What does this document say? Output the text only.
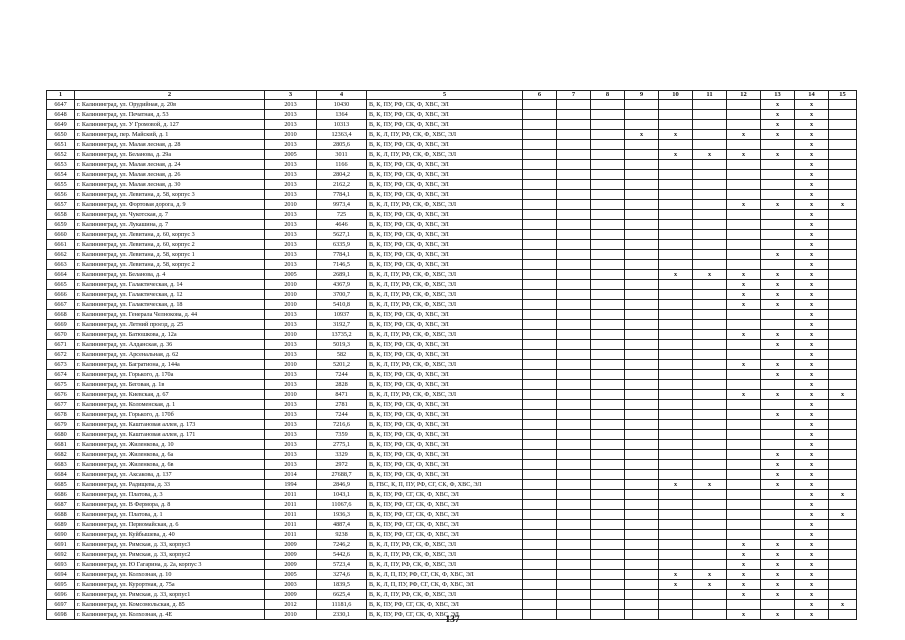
1	2	3	4	5	6	7	8	9	10	11	12	13	14	15
6647	г. Калининград, ул. Орудийная, д. 20в	2013	10430	В, К, ПУ, РФ, СК, Ф, ХВС, ЭЛ								x	x	
6648	г. Калининград, ул. Печатная, д. 53	2013	1364	В, К, ПУ, РФ, СК, Ф, ХВС, ЭЛ								x	x	
6649	г. Калининград, ул. У Громовой, д. 127	2013	10313	В, К, ПУ, РФ, СК, Ф, ХВС, ЭЛ								x	x	
6650	г. Калининград, пер. Майский, д. 1	2010	12363,4	В, К, Л, ПУ, РФ, СК, Ф, ХВС, ЭЛ				x	x		x	x	x	
6651	г. Калининград, ул. Малая лесная, д. 28	2013	2805,6	В, К, ПУ, РФ, СК, Ф, ХВС, ЭЛ									x	
6652	г. Калининград, ул. Беланова, д. 29а	2005	3011	В, К, Л, ПУ, РФ, СК, Ф, ХВС, ЭЛ					x	x	x	x	x	
6653	г. Калининград, ул. Малая лесная, д. 24	2013	1166	В, К, ПУ, РФ, СК, Ф, ХВС, ЭЛ									x	
6654	г. Калининград, ул. Малая лесная, д. 26	2013	2804,2	В, К, ПУ, РФ, СК, Ф, ХВС, ЭЛ									x	
6655	г. Калининград, ул. Малая лесная, д. 30	2013	2162,2	В, К, ПУ, РФ, СК, Ф, ХВС, ЭЛ									x	
6656	г. Калининград, ул. Левитана, д. 58, корпус 3	2013	7784,1	В, К, ПУ, РФ, СК, Ф, ХВС, ЭЛ									x	
6657	г. Калининград, ул. Фортовая дорога, д. 9	2010	9973,4	В, К, Л, ПУ, РФ, СК, Ф, ХВС, ЭЛ							x	x	x	x
6658	г. Калининград, ул. Чукотская, д. 7	2013	725	В, К, ПУ, РФ, СК, Ф, ХВС, ЭЛ									x	
6659	г. Калининград, ул. Лукашина, д. 7	2013	4646	В, К, ПУ, РФ, СК, Ф, ХВС, ЭЛ									x	
6660	г. Калининград, ул. Левитана, д. 60, корпус 3	2013	5627,1	В, К, ПУ, РФ, СК, Ф, ХВС, ЭЛ									x	
6661	г. Калининград, ул. Левитана, д. 60, корпус 2	2013	6335,9	В, К, ПУ, РФ, СК, Ф, ХВС, ЭЛ									x	
6662	г. Калининград, ул. Левитана, д. 58, корпус 1	2013	7784,1	В, К, ПУ, РФ, СК, Ф, ХВС, ЭЛ								x	x	
6663	г. Калининград, ул. Левитана, д. 58, корпус 2	2013	7146,5	В, К, ПУ, РФ, СК, Ф, ХВС, ЭЛ									x	
6664	г. Калининград, ул. Беланова, д. 4	2005	2689,1	В, К, Л, ПУ, РФ, СК, Ф, ХВС, ЭЛ					x	x	x	x	x	
6665	г. Калининград, ул. Галактическая, д. 14	2010	4367,9	В, К, Л, ПУ, РФ, СК, Ф, ХВС, ЭЛ							x	x	x	
6666	г. Калининград, ул. Галактическая, д. 12	2010	3700,7	В, К, Л, ПУ, РФ, СК, Ф, ХВС, ЭЛ							x	x	x	
6667	г. Калининград, ул. Галактическая, д. 18	2010	5410,8	В, К, Л, ПУ, РФ, СК, Ф, ХВС, ЭЛ							x	x	x	
6668	г. Калининград, ул. Генерала Челнокова, д. 44	2013	10937	В, К, ПУ, РФ, СК, Ф, ХВС, ЭЛ									x	
6669	г. Калининград, ул. Летний проезд, д. 25	2013	3192,7	В, К, ПУ, РФ, СК, Ф, ХВС, ЭЛ									x	
6670	г. Калининград, ул. Батюшкова, д. 12а	2010	13735,2	В, К, Л, ПУ, РФ, СК, Ф, ХВС, ЭЛ							x	x	x	
6671	г. Калининград, ул. Алданская, д. 36	2013	5019,3	В, К, ПУ, РФ, СК, Ф, ХВС, ЭЛ								x	x	
6672	г. Калининград, ул. Арсенальная, д. 62	2013	582	В, К, ПУ, РФ, СК, Ф, ХВС, ЭЛ									x	
6673	г. Калининград, ул. Багратиона, д. 144а	2010	5201,2	В, К, Л, ПУ, РФ, СК, Ф, ХВС, ЭЛ							x	x	x	
6674	г. Калининград, ул. Горького, д. 170а	2013	7244	В, К, ПУ, РФ, СК, Ф, ХВС, ЭЛ								x	x	
6675	г. Калининград, ул. Беговая, д. 1в	2013	2828	В, К, ПУ, РФ, СК, Ф, ХВС, ЭЛ									x	
6676	г. Калининград, ул. Киевская, д. 67	2010	8471	В, К, Л, ПУ, РФ, СК, Ф, ХВС, ЭЛ							x	x	x	x
6677	г. Калининград, ул. Коломенская, д. 1	2013	2781	В, К, ПУ, РФ, СК, Ф, ХВС, ЭЛ									x	
6678	г. Калининград, ул. Горького, д. 170б	2013	7244	В, К, ПУ, РФ, СК, Ф, ХВС, ЭЛ								x	x	
6679	г. Калининград, ул. Каштановая аллея, д. 173	2013	7216,6	В, К, ПУ, РФ, СК, Ф, ХВС, ЭЛ									x	
6680	г. Калининград, ул. Каштановая аллея, д. 171	2013	7359	В, К, ПУ, РФ, СК, Ф, ХВС, ЭЛ									x	
6681	г. Калининград, ул. Жиленкова, д. 10	2013	2775,1	В, К, ПУ, РФ, СК, Ф, ХВС, ЭЛ									x	
6682	г. Калининград, ул. Жиленкова, д. 6а	2013	3329	В, К, ПУ, РФ, СК, Ф, ХВС, ЭЛ								x	x	
6683	г. Калининград, ул. Жиленкова, д. 6в	2013	2972	В, К, ПУ, РФ, СК, Ф, ХВС, ЭЛ								x	x	
6684	г. Калининград, ул. Аксакова, д. 137	2014	27688,7	В, К, ПУ, РФ, СК, Ф, ХВС, ЭЛ								x	x	
6685	г. Калининград, ул. Радищева, д. 33	1994	2846,9	В, ГВС, К, П, ПУ, РФ, СГ, СК, Ф, ХВС, ЭЛ					x	x		x	x	
6686	г. Калининград, ул. Платова, д. 3	2011	1043,1	В, К, ПУ, РФ, СГ, СК, Ф, ХВС, ЭЛ									x	x
6687	г. Калининград, ул. В Фермора, д. 8	2011	11067,6	В, К, ПУ, РФ, СГ, СК, Ф, ХВС, ЭЛ									x	
6688	г. Калининград, ул. Платова, д. 1	2011	1936,3	В, К, ПУ, РФ, СГ, СК, Ф, ХВС, ЭЛ									x	x
6689	г. Калининград, ул. Первомайская, д. 6	2011	4887,4	В, К, ПУ, РФ, СГ, СК, Ф, ХВС, ЭЛ									x	
6690	г. Калининград, ул. Куйбышева, д. 40	2011	9238	В, К, ПУ, РФ, СГ, СК, Ф, ХВС, ЭЛ									x	
6691	г. Калининград, ул. Римская, д. 33, корпус3	2009	7246,2	В, К, Л, ПУ, РФ, СК, Ф, ХВС, ЭЛ							x	x	x	
6692	г. Калининград, ул. Римская, д. 33, корпус2	2009	5442,6	В, К, Л, ПУ, РФ, СК, Ф, ХВС, ЭЛ							x	x	x	
6693	г. Калининград, ул. Ю Гагарина, д. 2а, корпус 3	2009	5723,4	В, К, Л, ПУ, РФ, СК, Ф, ХВС, ЭЛ							x	x	x	
6694	г. Калининград, ул. Колхозная, д. 10	2005	3274,6	В, К, Л, П, ПУ, РФ, СГ, СК, Ф, ХВС, ЭЛ					x	x	x	x	x	
6695	г. Калининград, ул. Курортная, д. 75а	2003	1839,5	В, К, Л, П, ПУ, РФ, СГ, СК, Ф, ХВС, ЭЛ					x	x	x	x	x	
6696	г. Калининград, ул. Римская, д. 33, корпус1	2009	6625,4	В, К, Л, ПУ, РФ, СК, Ф, ХВС, ЭЛ							x	x	x	
6697	г. Калининград, ул. Комсомольская, д. 85	2012	11181,6	В, К, ПУ, РФ, СГ, СК, Ф, ХВС, ЭЛ									x	x
6698	г. Калининград, ул. Колхозная, д. 4Е	2010	2330,1	В, К, ПУ, РФ, СГ, СК, Ф, ХВС, ЭЛ							x	x	x	
137
